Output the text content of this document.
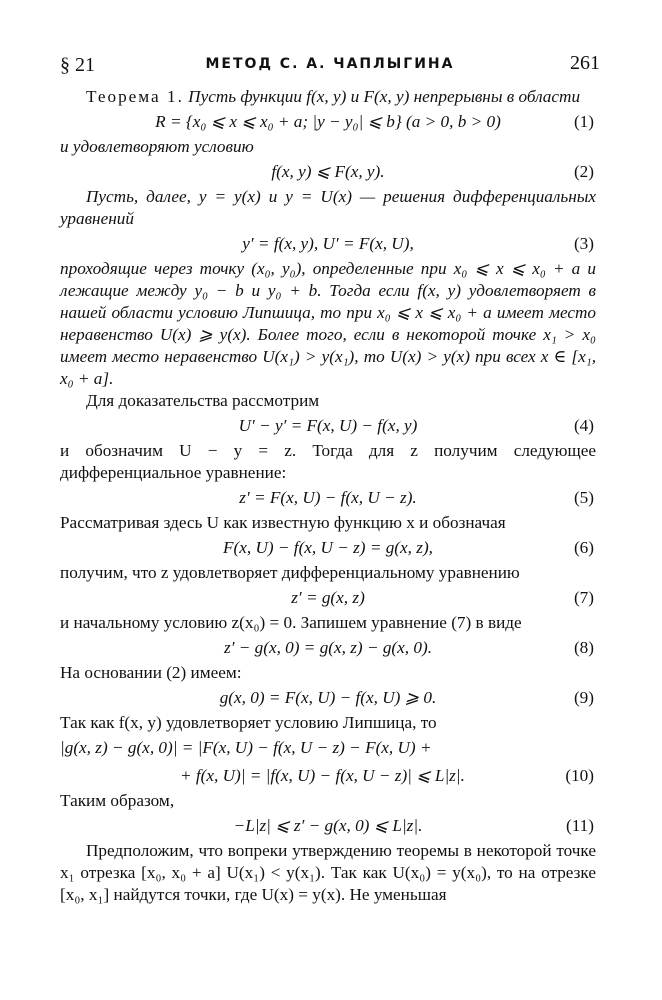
§ 21	МЕТОД С. А. ЧАПЛЫГИНА	261

Теорема 1. Пусть функции f(x, y) и F(x, y) непрерывны в области

R = {x₀ ⩽ x ⩽ x₀ + a; |y − y₀| ⩽ b} (a > 0, b > 0)	(1)

и удовлетворяют условию

f(x, y) ⩽ F(x, y).	(2)

Пусть, далее, y = y(x) и y = U(x) — решения дифференциальных уравнений

y′ = f(x, y), U′ = F(x, U),	(3)

проходящие через точку (x₀, y₀), определенные при x₀ ⩽ x ⩽ x₀ + a и лежащие между y₀ − b и y₀ + b. Тогда если f(x, y) удовлетворяет в нашей области условию Липшица, то при x₀ ⩽ x ⩽ x₀ + a имеет место неравенство U(x) ⩾ y(x). Более того, если в некоторой точке x₁ > x₀ имеет место неравенство U(x₁) > y(x₁), то U(x) > y(x) при всех x ∈ [x₁, x₀ + a].

Для доказательства рассмотрим

U′ − y′ = F(x, U) − f(x, y)	(4)

и обозначим U − y = z. Тогда для z получим следующее дифференциальное уравнение:

z′ = F(x, U) − f(x, U − z).	(5)

Рассматривая здесь U как известную функцию x и обозначая

F(x, U) − f(x, U − z) = g(x, z),	(6)

получим, что z удовлетворяет дифференциальному уравнению

z′ = g(x, z)	(7)

и начальному условию z(x₀) = 0. Запишем уравнение (7) в виде

z′ − g(x, 0) = g(x, z) − g(x, 0).	(8)

На основании (2) имеем:

g(x, 0) = F(x, U) − f(x, U) ⩾ 0.	(9)

Так как f(x, y) удовлетворяет условию Липшица, то

|g(x, z) − g(x, 0)| = |F(x, U) − f(x, U − z) − F(x, U) +
+ f(x, U)| = |f(x, U) − f(x, U − z)| ⩽ L|z|.	(10)

Таким образом,

−L|z| ⩽ z′ − g(x, 0) ⩽ L|z|.	(11)

Предположим, что вопреки утверждению теоремы в некоторой точке x₁ отрезка [x₀, x₀ + a] U(x₁) < y(x₁). Так как U(x₀) = y(x₀), то на отрезке [x₀, x₁] найдутся точки, где U(x) = y(x). Не уменьшая
